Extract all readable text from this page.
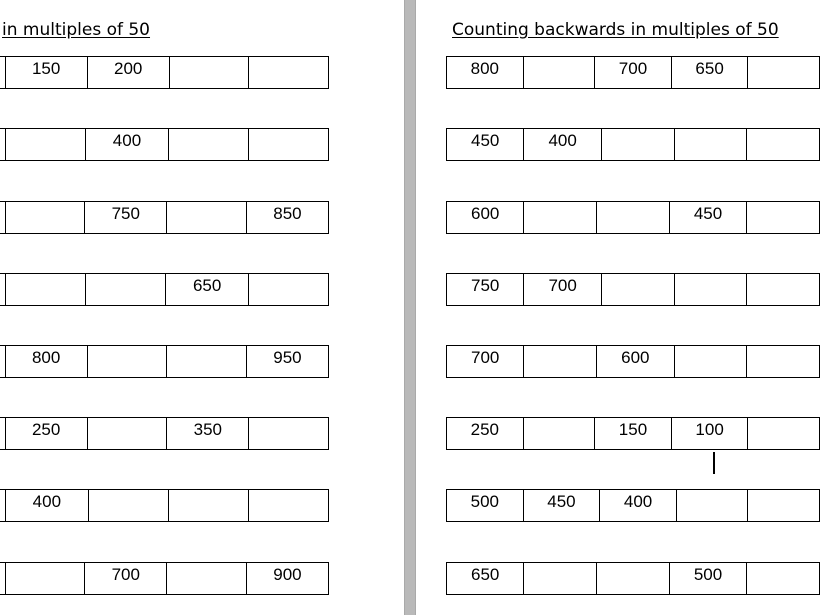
in multiples of 50
	150	200		
		400		
		750		850
			650	
	800			950
	250		350	
	400			
		700		900
Counting backwards in multiples of 50
800		700	650	
450	400			
600			450	
750	700			
700		600		
250		150	100	
500	450	400		
650			500	
